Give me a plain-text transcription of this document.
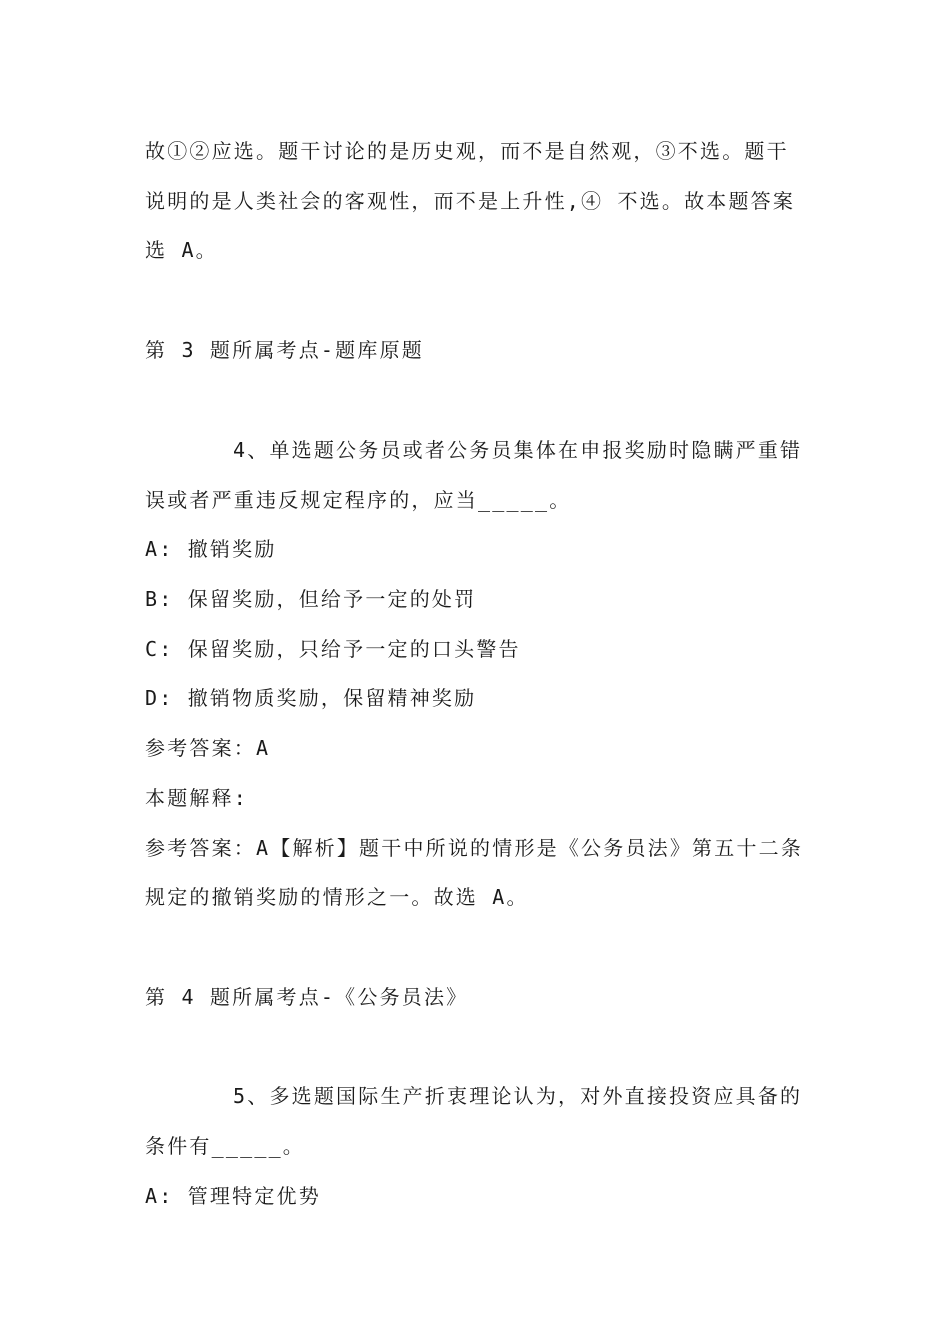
故①②应选。题干讨论的是历史观，而不是自然观，③不选。题干
说明的是人类社会的客观性，而不是上升性,④ 不选。故本题答案
选 A。
第 3 题所属考点-题库原题
4、单选题公务员或者公务员集体在申报奖励时隐瞒严重错
误或者严重违反规定程序的，应当_____。
A: 撤销奖励
B: 保留奖励，但给予一定的处罚
C: 保留奖励，只给予一定的口头警告
D: 撤销物质奖励，保留精神奖励
参考答案：A
本题解释:
参考答案：A【解析】题干中所说的情形是《公务员法》第五十二条
规定的撤销奖励的情形之一。故选 A。
第 4 题所属考点-《公务员法》
5、多选题国际生产折衷理论认为，对外直接投资应具备的
条件有_____。
A: 管理特定优势
